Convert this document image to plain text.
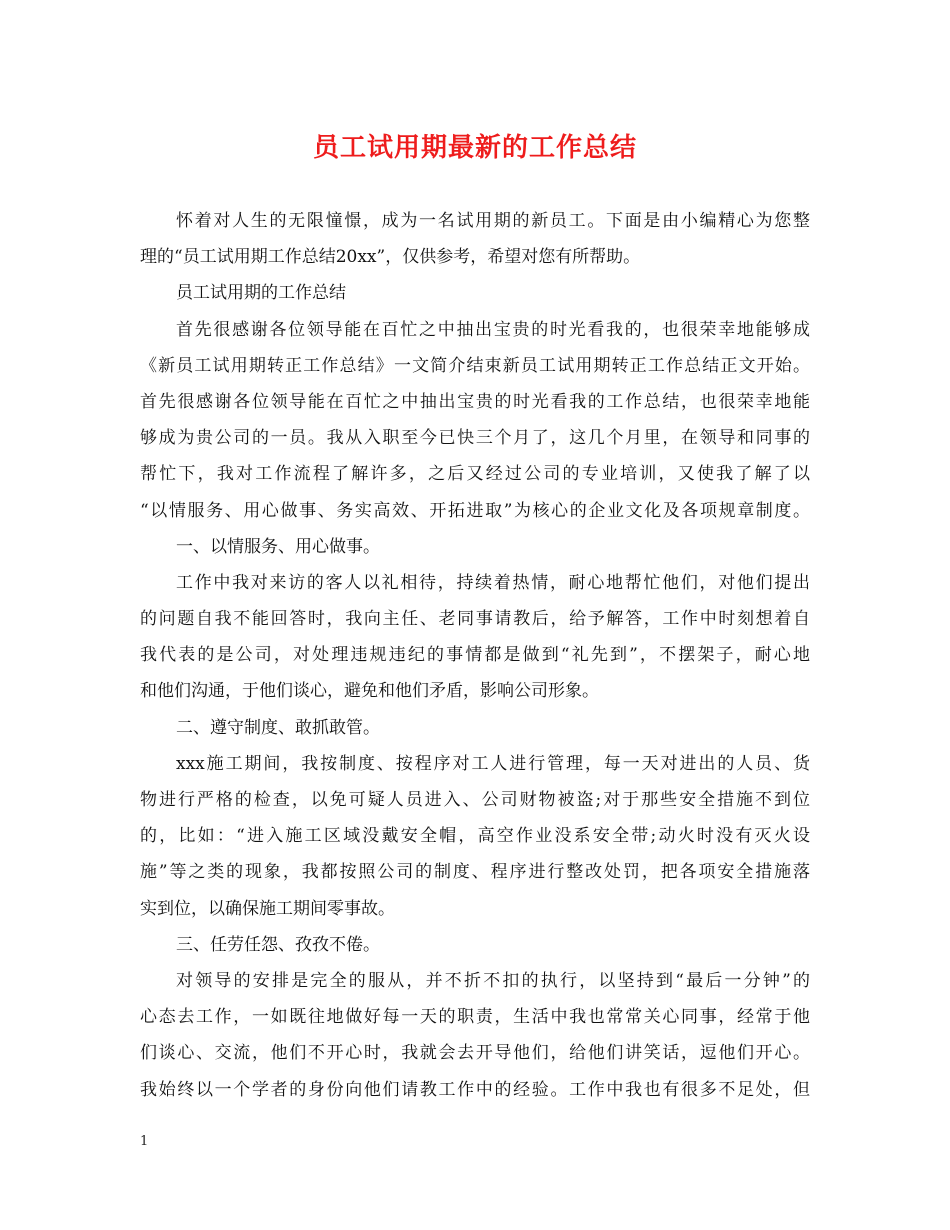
员工试用期最新的工作总结
怀着对人生的无限憧憬，成为一名试用期的新员工。下面是由小编精心为您整
理的“员工试用期工作总结20xx”，仅供参考，希望对您有所帮助。
员工试用期的工作总结
首先很感谢各位领导能在百忙之中抽出宝贵的时光看我的，也很荣幸地能够成
《新员工试用期转正工作总结》一文简介结束新员工试用期转正工作总结正文开始。
首先很感谢各位领导能在百忙之中抽出宝贵的时光看我的工作总结，也很荣幸地能
够成为贵公司的一员。我从入职至今已快三个月了，这几个月里，在领导和同事的
帮忙下，我对工作流程了解许多，之后又经过公司的专业培训，又使我了解了以
“以情服务、用心做事、务实高效、开拓进取”为核心的企业文化及各项规章制度。
一、以情服务、用心做事。
工作中我对来访的客人以礼相待，持续着热情，耐心地帮忙他们，对他们提出
的问题自我不能回答时，我向主任、老同事请教后，给予解答，工作中时刻想着自
我代表的是公司，对处理违规违纪的事情都是做到“礼先到”，不摆架子，耐心地
和他们沟通，于他们谈心，避免和他们矛盾，影响公司形象。
二、遵守制度、敢抓敢管。
xxx施工期间，我按制度、按程序对工人进行管理，每一天对进出的人员、货
物进行严格的检查，以免可疑人员进入、公司财物被盗;对于那些安全措施不到位
的，比如：“进入施工区域没戴安全帽，高空作业没系安全带;动火时没有灭火设
施”等之类的现象，我都按照公司的制度、程序进行整改处罚，把各项安全措施落
实到位，以确保施工期间零事故。
三、任劳任怨、孜孜不倦。
对领导的安排是完全的服从，并不折不扣的执行，以坚持到“最后一分钟”的
心态去工作，一如既往地做好每一天的职责，生活中我也常常关心同事，经常于他
们谈心、交流，他们不开心时，我就会去开导他们，给他们讲笑话，逗他们开心。
我始终以一个学者的身份向他们请教工作中的经验。工作中我也有很多不足处，但
1
